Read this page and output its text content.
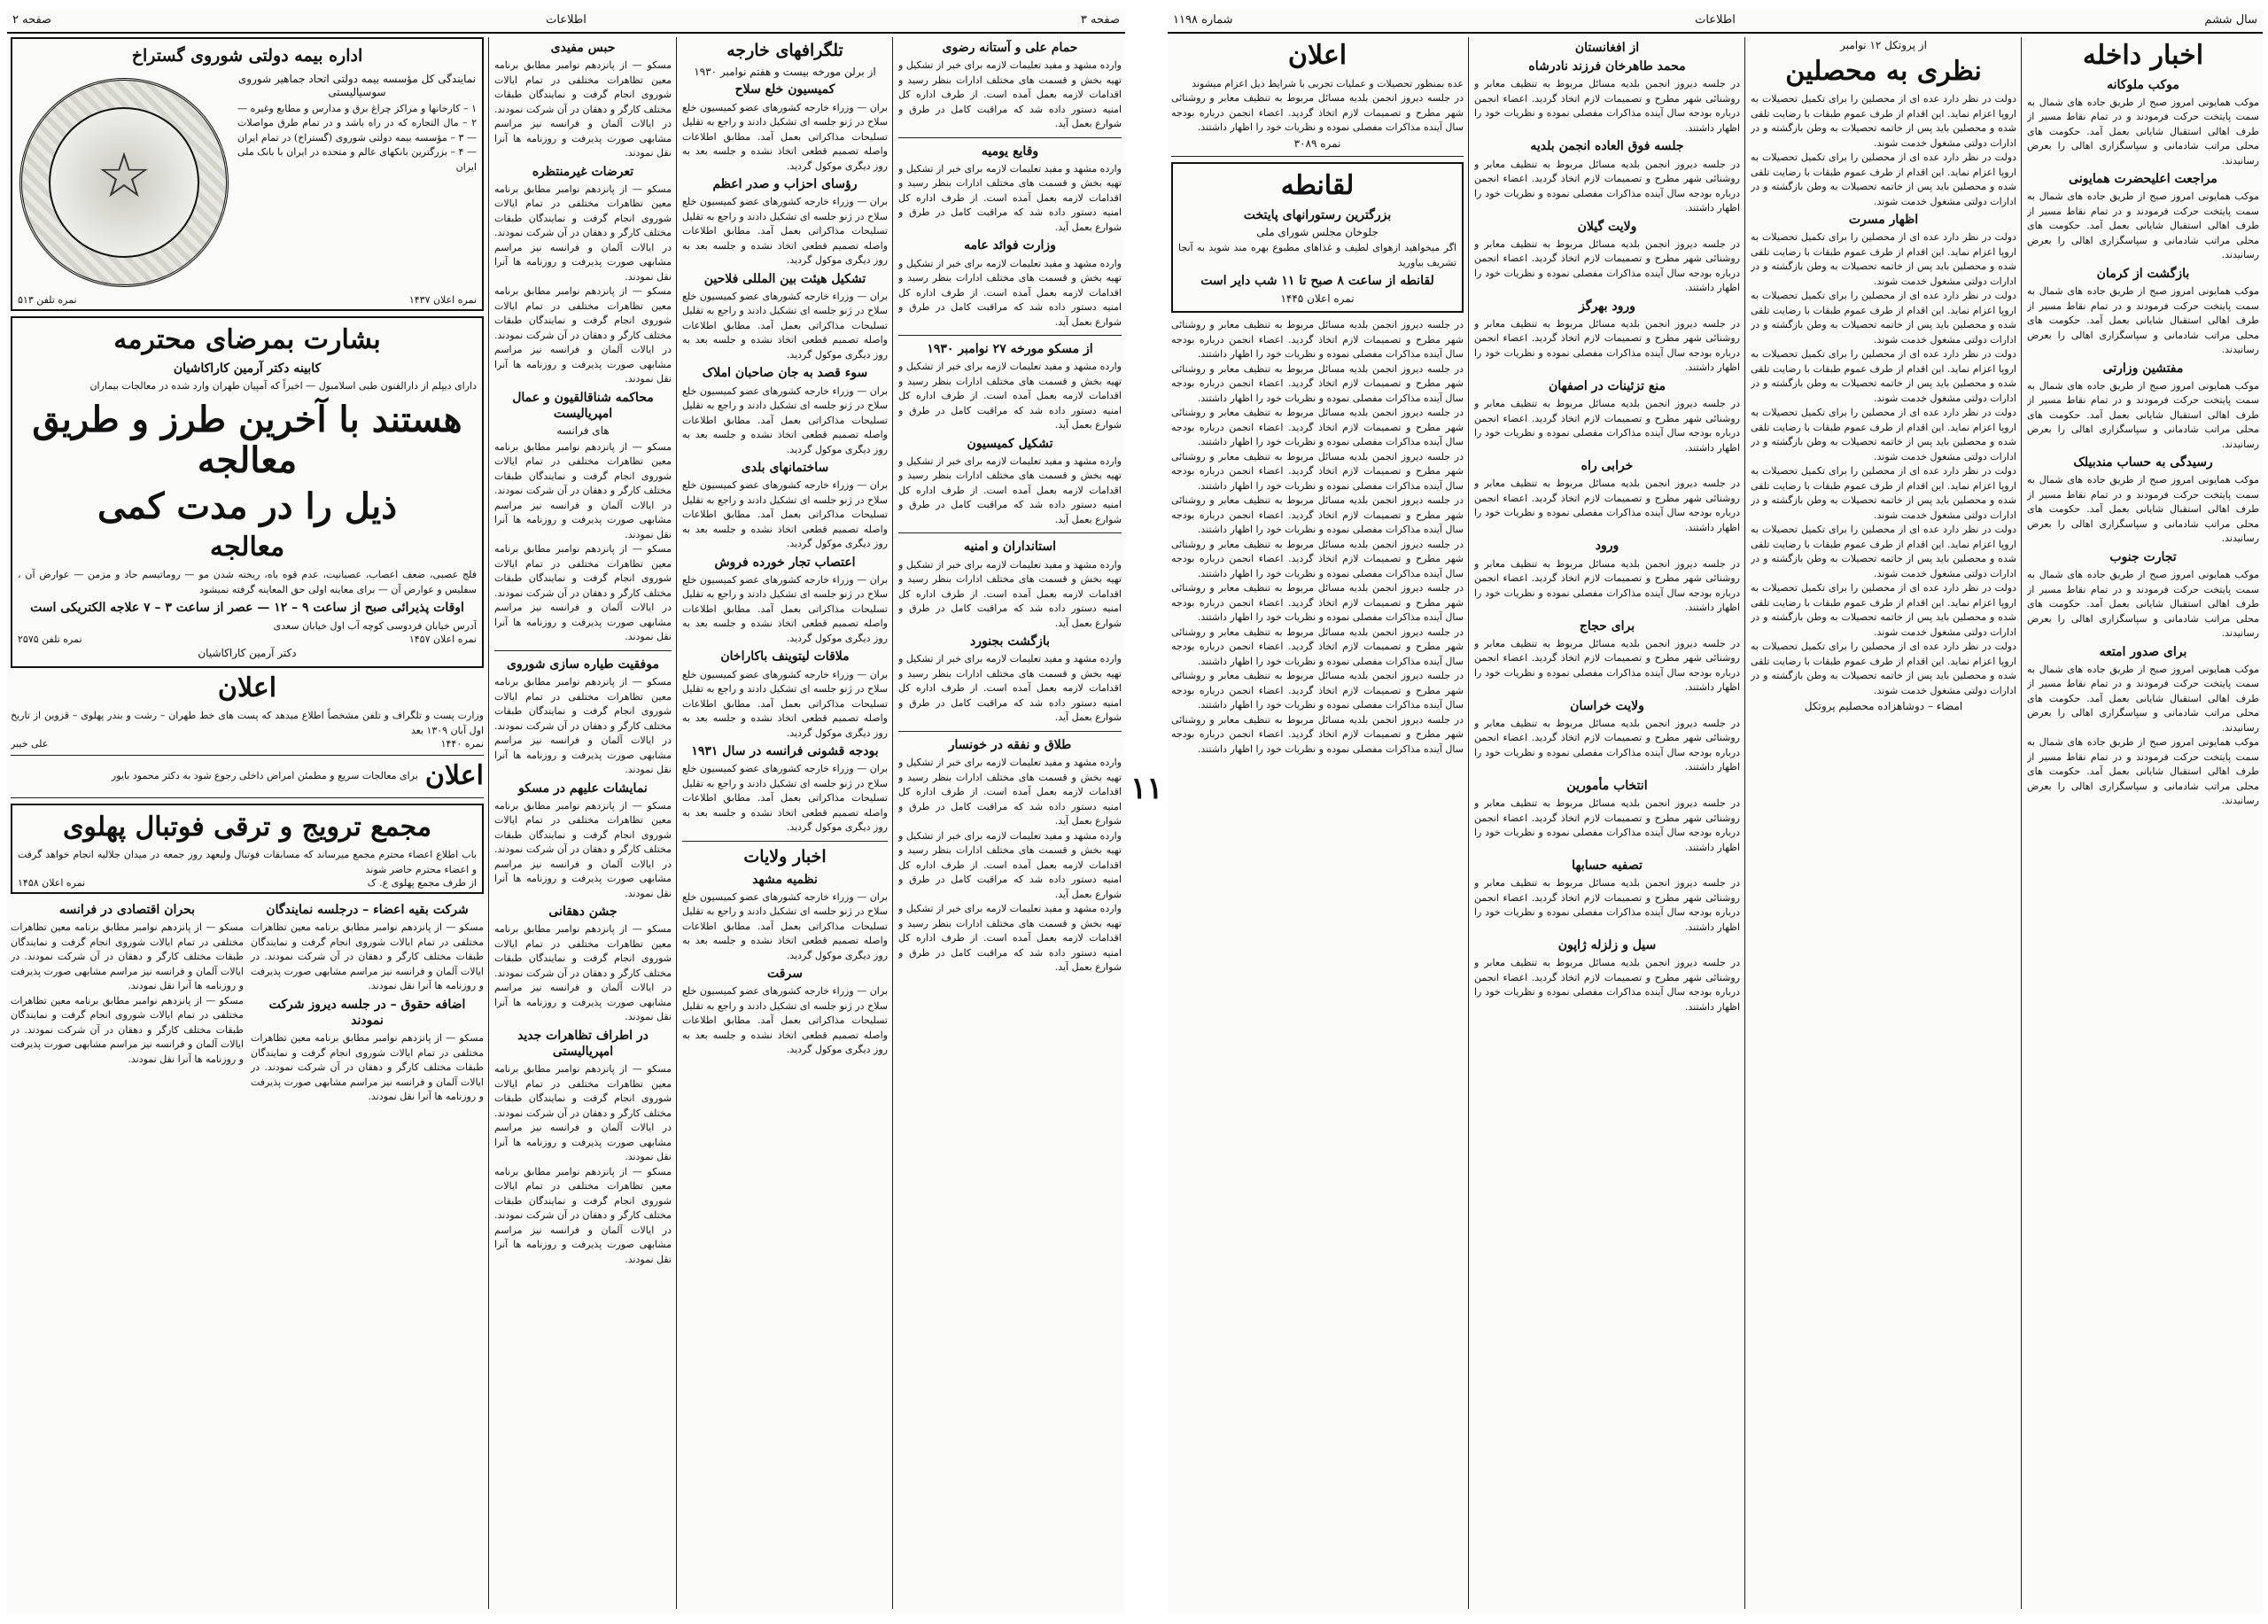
صفحه ۳
اطلاعات
صفحه ۲
حمام علی و آستانه رضوی

وارده مشهد و مفید تعلیمات لازمه برای خبر از تشکیل و تهیه بخش و قسمت های مختلف ادارات بنظر رسید و اقدامات لازمه بعمل آمده است. از طرف اداره کل امنیه دستور داده شد که مراقبت کامل در طرق و شوارع بعمل آید.

وقایع یومیه

وارده مشهد و مفید تعلیمات لازمه برای خبر از تشکیل و تهیه بخش و قسمت های مختلف ادارات بنظر رسید و اقدامات لازمه بعمل آمده است. از طرف اداره کل امنیه دستور داده شد که مراقبت کامل در طرق و شوارع بعمل آید.

وزارت فوائد عامه

وارده مشهد و مفید تعلیمات لازمه برای خبر از تشکیل و تهیه بخش و قسمت های مختلف ادارات بنظر رسید و اقدامات لازمه بعمل آمده است. از طرف اداره کل امنیه دستور داده شد که مراقبت کامل در طرق و شوارع بعمل آید.

از مسکو مورخه ۲۷ نوامبر ۱۹۳۰

وارده مشهد و مفید تعلیمات لازمه برای خبر از تشکیل و تهیه بخش و قسمت های مختلف ادارات بنظر رسید و اقدامات لازمه بعمل آمده است. از طرف اداره کل امنیه دستور داده شد که مراقبت کامل در طرق و شوارع بعمل آید.

تشکیل کمیسیون

وارده مشهد و مفید تعلیمات لازمه برای خبر از تشکیل و تهیه بخش و قسمت های مختلف ادارات بنظر رسید و اقدامات لازمه بعمل آمده است. از طرف اداره کل امنیه دستور داده شد که مراقبت کامل در طرق و شوارع بعمل آید.

استانداران و امنیه

وارده مشهد و مفید تعلیمات لازمه برای خبر از تشکیل و تهیه بخش و قسمت های مختلف ادارات بنظر رسید و اقدامات لازمه بعمل آمده است. از طرف اداره کل امنیه دستور داده شد که مراقبت کامل در طرق و شوارع بعمل آید.

بازگشت بجنورد

وارده مشهد و مفید تعلیمات لازمه برای خبر از تشکیل و تهیه بخش و قسمت های مختلف ادارات بنظر رسید و اقدامات لازمه بعمل آمده است. از طرف اداره کل امنیه دستور داده شد که مراقبت کامل در طرق و شوارع بعمل آید.

طلاق و نفقه در خونسار

وارده مشهد و مفید تعلیمات لازمه برای خبر از تشکیل و تهیه بخش و قسمت های مختلف ادارات بنظر رسید و اقدامات لازمه بعمل آمده است. از طرف اداره کل امنیه دستور داده شد که مراقبت کامل در طرق و شوارع بعمل آید.

وارده مشهد و مفید تعلیمات لازمه برای خبر از تشکیل و تهیه بخش و قسمت های مختلف ادارات بنظر رسید و اقدامات لازمه بعمل آمده است. از طرف اداره کل امنیه دستور داده شد که مراقبت کامل در طرق و شوارع بعمل آید.

وارده مشهد و مفید تعلیمات لازمه برای خبر از تشکیل و تهیه بخش و قسمت های مختلف ادارات بنظر رسید و اقدامات لازمه بعمل آمده است. از طرف اداره کل امنیه دستور داده شد که مراقبت کامل در طرق و شوارع بعمل آید.

تلگرافهای خارجه
از برلن مورخه بیست و هفتم نوامبر ۱۹۳۰
کمیسیون خلع سلاح

بران — وزراء خارجه کشورهای عضو کمیسیون خلع سلاح در ژنو جلسه ای تشکیل دادند و راجع به تقلیل تسلیحات مذاکراتی بعمل آمد. مطابق اطلاعات واصله تصمیم قطعی اتخاذ نشده و جلسه بعد به روز دیگری موکول گردید.

رؤسای احزاب و صدر اعظم

بران — وزراء خارجه کشورهای عضو کمیسیون خلع سلاح در ژنو جلسه ای تشکیل دادند و راجع به تقلیل تسلیحات مذاکراتی بعمل آمد. مطابق اطلاعات واصله تصمیم قطعی اتخاذ نشده و جلسه بعد به روز دیگری موکول گردید.

تشکیل هیئت بین المللی فلاحین

بران — وزراء خارجه کشورهای عضو کمیسیون خلع سلاح در ژنو جلسه ای تشکیل دادند و راجع به تقلیل تسلیحات مذاکراتی بعمل آمد. مطابق اطلاعات واصله تصمیم قطعی اتخاذ نشده و جلسه بعد به روز دیگری موکول گردید.

سوء قصد به جان صاحبان املاک

بران — وزراء خارجه کشورهای عضو کمیسیون خلع سلاح در ژنو جلسه ای تشکیل دادند و راجع به تقلیل تسلیحات مذاکراتی بعمل آمد. مطابق اطلاعات واصله تصمیم قطعی اتخاذ نشده و جلسه بعد به روز دیگری موکول گردید.

ساختمانهای بلدی

بران — وزراء خارجه کشورهای عضو کمیسیون خلع سلاح در ژنو جلسه ای تشکیل دادند و راجع به تقلیل تسلیحات مذاکراتی بعمل آمد. مطابق اطلاعات واصله تصمیم قطعی اتخاذ نشده و جلسه بعد به روز دیگری موکول گردید.

اعتصاب تجار خورده فروش

بران — وزراء خارجه کشورهای عضو کمیسیون خلع سلاح در ژنو جلسه ای تشکیل دادند و راجع به تقلیل تسلیحات مذاکراتی بعمل آمد. مطابق اطلاعات واصله تصمیم قطعی اتخاذ نشده و جلسه بعد به روز دیگری موکول گردید.

ملاقات لیتوینف باکاراخان

بران — وزراء خارجه کشورهای عضو کمیسیون خلع سلاح در ژنو جلسه ای تشکیل دادند و راجع به تقلیل تسلیحات مذاکراتی بعمل آمد. مطابق اطلاعات واصله تصمیم قطعی اتخاذ نشده و جلسه بعد به روز دیگری موکول گردید.

بودجه قشونی فرانسه در سال ۱۹۳۱

بران — وزراء خارجه کشورهای عضو کمیسیون خلع سلاح در ژنو جلسه ای تشکیل دادند و راجع به تقلیل تسلیحات مذاکراتی بعمل آمد. مطابق اطلاعات واصله تصمیم قطعی اتخاذ نشده و جلسه بعد به روز دیگری موکول گردید.

اخبار ولایات
نظمیه مشهد

بران — وزراء خارجه کشورهای عضو کمیسیون خلع سلاح در ژنو جلسه ای تشکیل دادند و راجع به تقلیل تسلیحات مذاکراتی بعمل آمد. مطابق اطلاعات واصله تصمیم قطعی اتخاذ نشده و جلسه بعد به روز دیگری موکول گردید.

سرقت

بران — وزراء خارجه کشورهای عضو کمیسیون خلع سلاح در ژنو جلسه ای تشکیل دادند و راجع به تقلیل تسلیحات مذاکراتی بعمل آمد. مطابق اطلاعات واصله تصمیم قطعی اتخاذ نشده و جلسه بعد به روز دیگری موکول گردید.

حبس مفیدی

مسکو — از پانزدهم نوامبر مطابق برنامه معین تظاهرات مختلفی در تمام ایالات شوروی انجام گرفت و نمایندگان طبقات مختلف کارگر و دهقان در آن شرکت نمودند. در ایالات آلمان و فرانسه نیز مراسم مشابهی صورت پذیرفت و روزنامه ها آنرا نقل نمودند.

تعرضات غیرمنتظره

مسکو — از پانزدهم نوامبر مطابق برنامه معین تظاهرات مختلفی در تمام ایالات شوروی انجام گرفت و نمایندگان طبقات مختلف کارگر و دهقان در آن شرکت نمودند. در ایالات آلمان و فرانسه نیز مراسم مشابهی صورت پذیرفت و روزنامه ها آنرا نقل نمودند.

مسکو — از پانزدهم نوامبر مطابق برنامه معین تظاهرات مختلفی در تمام ایالات شوروی انجام گرفت و نمایندگان طبقات مختلف کارگر و دهقان در آن شرکت نمودند. در ایالات آلمان و فرانسه نیز مراسم مشابهی صورت پذیرفت و روزنامه ها آنرا نقل نمودند.

محاکمه شناقالقیون و عمال امپریالیست
های فرانسه

مسکو — از پانزدهم نوامبر مطابق برنامه معین تظاهرات مختلفی در تمام ایالات شوروی انجام گرفت و نمایندگان طبقات مختلف کارگر و دهقان در آن شرکت نمودند. در ایالات آلمان و فرانسه نیز مراسم مشابهی صورت پذیرفت و روزنامه ها آنرا نقل نمودند.

مسکو — از پانزدهم نوامبر مطابق برنامه معین تظاهرات مختلفی در تمام ایالات شوروی انجام گرفت و نمایندگان طبقات مختلف کارگر و دهقان در آن شرکت نمودند. در ایالات آلمان و فرانسه نیز مراسم مشابهی صورت پذیرفت و روزنامه ها آنرا نقل نمودند.

موفقیت طیاره سازی شوروی

مسکو — از پانزدهم نوامبر مطابق برنامه معین تظاهرات مختلفی در تمام ایالات شوروی انجام گرفت و نمایندگان طبقات مختلف کارگر و دهقان در آن شرکت نمودند. در ایالات آلمان و فرانسه نیز مراسم مشابهی صورت پذیرفت و روزنامه ها آنرا نقل نمودند.

نمایشات علیهم در مسکو

مسکو — از پانزدهم نوامبر مطابق برنامه معین تظاهرات مختلفی در تمام ایالات شوروی انجام گرفت و نمایندگان طبقات مختلف کارگر و دهقان در آن شرکت نمودند. در ایالات آلمان و فرانسه نیز مراسم مشابهی صورت پذیرفت و روزنامه ها آنرا نقل نمودند.

جشن دهقانی

مسکو — از پانزدهم نوامبر مطابق برنامه معین تظاهرات مختلفی در تمام ایالات شوروی انجام گرفت و نمایندگان طبقات مختلف کارگر و دهقان در آن شرکت نمودند. در ایالات آلمان و فرانسه نیز مراسم مشابهی صورت پذیرفت و روزنامه ها آنرا نقل نمودند.

در اطراف تظاهرات جدید امپریالیستی

مسکو — از پانزدهم نوامبر مطابق برنامه معین تظاهرات مختلفی در تمام ایالات شوروی انجام گرفت و نمایندگان طبقات مختلف کارگر و دهقان در آن شرکت نمودند. در ایالات آلمان و فرانسه نیز مراسم مشابهی صورت پذیرفت و روزنامه ها آنرا نقل نمودند.

مسکو — از پانزدهم نوامبر مطابق برنامه معین تظاهرات مختلفی در تمام ایالات شوروی انجام گرفت و نمایندگان طبقات مختلف کارگر و دهقان در آن شرکت نمودند. در ایالات آلمان و فرانسه نیز مراسم مشابهی صورت پذیرفت و روزنامه ها آنرا نقل نمودند.

اداره بیمه دولتی شوروی گستراخ
نمایندگی کل مؤسسه بیمه دولتی اتحاد جماهیر شوروی سوسیالیستی

۱ – کارخانها و مراکز چراغ برق و مدارس و مطابع وغیره — ۲ – مال التجاره که در راه باشد و در تمام طرق مواصلات — ۳ – مؤسسه بیمه دولتی شوروی (گستراخ) در تمام ایران — ۴ – بزرگترین بانکهای عالم و متحده در ایران با بانک ملی ایران

☆
نمره اعلان ۱۴۳۷
نمره تلفن ۵۱۳
بشارت بمرضای محترمه
کابینه دکتر آرمین کاراکاشیان

دارای دیپلم از دارالفنون طبی اسلامبول — اخیراً که آمپیان طهران وارد شده در معالجات بیماران

هستند با آخرین طرز و طریق معالجه
ذیل را در مدت کمی
معالجه

فلج عصبی، ضعف اعصاب، عصبانیت، عدم قوه باه، ریخته شدن مو — روماتیسم حاد و مزمن — عوارض آن ، سفلیس و عوارض آن — برای معاینه اولی حق المعاینه گرفته نمیشود

اوقات پذیرائی صبح از ساعت ۹ – ۱۲ — عصر از ساعت ۳ – ۷ علاجه الکتریکی است

آدرس خیابان فردوسی کوچه آب اول خیابان سعدی

نمره اعلان ۱۴۵۷
نمره تلفن ۲۵۷۵
دکتر آرمین کاراکاشیان
اعلان

وزارت پست و تلگراف و تلفن مشخصاً اطلاع میدهد که پست های خط طهران – رشت و بندر پهلوی – قزوین از تاریخ اول آبان ۱۳۰۹ بعد

نمره ۱۴۴۰
علی خیبر
اعلان

برای معالجات سریع و مطمئن امراض داخلی رجوع شود به دکتر محمود بایور

مجمع ترویج و ترقی فوتبال پهلوی

باب اطلاع اعضاء محترم مجمع میرساند که مسابقات فوتبال ولیعهد روز جمعه در میدان جلالیه انجام خواهد گرفت و اعضاء محترم حاضر شوند

از طرف مجمع پهلوی ع. ک
نمره اعلان ۱۴۵۸
شرکت بقیه اعضاء – درجلسه نمایندگان

مسکو — از پانزدهم نوامبر مطابق برنامه معین تظاهرات مختلفی در تمام ایالات شوروی انجام گرفت و نمایندگان طبقات مختلف کارگر و دهقان در آن شرکت نمودند. در ایالات آلمان و فرانسه نیز مراسم مشابهی صورت پذیرفت و روزنامه ها آنرا نقل نمودند.

اضافه حقوق – در جلسه دیروز شرکت نمودند

مسکو — از پانزدهم نوامبر مطابق برنامه معین تظاهرات مختلفی در تمام ایالات شوروی انجام گرفت و نمایندگان طبقات مختلف کارگر و دهقان در آن شرکت نمودند. در ایالات آلمان و فرانسه نیز مراسم مشابهی صورت پذیرفت و روزنامه ها آنرا نقل نمودند.

بحران اقتصادی در فرانسه

مسکو — از پانزدهم نوامبر مطابق برنامه معین تظاهرات مختلفی در تمام ایالات شوروی انجام گرفت و نمایندگان طبقات مختلف کارگر و دهقان در آن شرکت نمودند. در ایالات آلمان و فرانسه نیز مراسم مشابهی صورت پذیرفت و روزنامه ها آنرا نقل نمودند.

مسکو — از پانزدهم نوامبر مطابق برنامه معین تظاهرات مختلفی در تمام ایالات شوروی انجام گرفت و نمایندگان طبقات مختلف کارگر و دهقان در آن شرکت نمودند. در ایالات آلمان و فرانسه نیز مراسم مشابهی صورت پذیرفت و روزنامه ها آنرا نقل نمودند.

۱۱
سال ششم
اطلاعات
شماره ۱۱۹۸
اخبار داخله
موکب ملوکانه

موکب همایونی امروز صبح از طریق جاده های شمال به سمت پایتخت حرکت فرمودند و در تمام نقاط مسیر از طرف اهالی استقبال شایانی بعمل آمد. حکومت های محلی مراتب شادمانی و سپاسگزاری اهالی را بعرض رسانیدند.

مراجعت اعلیحضرت همایونی

موکب همایونی امروز صبح از طریق جاده های شمال به سمت پایتخت حرکت فرمودند و در تمام نقاط مسیر از طرف اهالی استقبال شایانی بعمل آمد. حکومت های محلی مراتب شادمانی و سپاسگزاری اهالی را بعرض رسانیدند.

بازگشت از کرمان

موکب همایونی امروز صبح از طریق جاده های شمال به سمت پایتخت حرکت فرمودند و در تمام نقاط مسیر از طرف اهالی استقبال شایانی بعمل آمد. حکومت های محلی مراتب شادمانی و سپاسگزاری اهالی را بعرض رسانیدند.

مفتشین وزارتی

موکب همایونی امروز صبح از طریق جاده های شمال به سمت پایتخت حرکت فرمودند و در تمام نقاط مسیر از طرف اهالی استقبال شایانی بعمل آمد. حکومت های محلی مراتب شادمانی و سپاسگزاری اهالی را بعرض رسانیدند.

رسیدگی به حساب مندبیلک

موکب همایونی امروز صبح از طریق جاده های شمال به سمت پایتخت حرکت فرمودند و در تمام نقاط مسیر از طرف اهالی استقبال شایانی بعمل آمد. حکومت های محلی مراتب شادمانی و سپاسگزاری اهالی را بعرض رسانیدند.

تجارت جنوب

موکب همایونی امروز صبح از طریق جاده های شمال به سمت پایتخت حرکت فرمودند و در تمام نقاط مسیر از طرف اهالی استقبال شایانی بعمل آمد. حکومت های محلی مراتب شادمانی و سپاسگزاری اهالی را بعرض رسانیدند.

برای صدور امتعه

موکب همایونی امروز صبح از طریق جاده های شمال به سمت پایتخت حرکت فرمودند و در تمام نقاط مسیر از طرف اهالی استقبال شایانی بعمل آمد. حکومت های محلی مراتب شادمانی و سپاسگزاری اهالی را بعرض رسانیدند.

موکب همایونی امروز صبح از طریق جاده های شمال به سمت پایتخت حرکت فرمودند و در تمام نقاط مسیر از طرف اهالی استقبال شایانی بعمل آمد. حکومت های محلی مراتب شادمانی و سپاسگزاری اهالی را بعرض رسانیدند.

از پروتکل ۱۲ نوامبر
نظری به محصلین

دولت در نظر دارد عده ای از محصلین را برای تکمیل تحصیلات به اروپا اعزام نماید. این اقدام از طرف عموم طبقات با رضایت تلقی شده و محصلین باید پس از خاتمه تحصیلات به وطن بازگشته و در ادارات دولتی مشغول خدمت شوند.

دولت در نظر دارد عده ای از محصلین را برای تکمیل تحصیلات به اروپا اعزام نماید. این اقدام از طرف عموم طبقات با رضایت تلقی شده و محصلین باید پس از خاتمه تحصیلات به وطن بازگشته و در ادارات دولتی مشغول خدمت شوند.

اظهار مسرت

دولت در نظر دارد عده ای از محصلین را برای تکمیل تحصیلات به اروپا اعزام نماید. این اقدام از طرف عموم طبقات با رضایت تلقی شده و محصلین باید پس از خاتمه تحصیلات به وطن بازگشته و در ادارات دولتی مشغول خدمت شوند.

دولت در نظر دارد عده ای از محصلین را برای تکمیل تحصیلات به اروپا اعزام نماید. این اقدام از طرف عموم طبقات با رضایت تلقی شده و محصلین باید پس از خاتمه تحصیلات به وطن بازگشته و در ادارات دولتی مشغول خدمت شوند.

دولت در نظر دارد عده ای از محصلین را برای تکمیل تحصیلات به اروپا اعزام نماید. این اقدام از طرف عموم طبقات با رضایت تلقی شده و محصلین باید پس از خاتمه تحصیلات به وطن بازگشته و در ادارات دولتی مشغول خدمت شوند.

دولت در نظر دارد عده ای از محصلین را برای تکمیل تحصیلات به اروپا اعزام نماید. این اقدام از طرف عموم طبقات با رضایت تلقی شده و محصلین باید پس از خاتمه تحصیلات به وطن بازگشته و در ادارات دولتی مشغول خدمت شوند.

دولت در نظر دارد عده ای از محصلین را برای تکمیل تحصیلات به اروپا اعزام نماید. این اقدام از طرف عموم طبقات با رضایت تلقی شده و محصلین باید پس از خاتمه تحصیلات به وطن بازگشته و در ادارات دولتی مشغول خدمت شوند.

دولت در نظر دارد عده ای از محصلین را برای تکمیل تحصیلات به اروپا اعزام نماید. این اقدام از طرف عموم طبقات با رضایت تلقی شده و محصلین باید پس از خاتمه تحصیلات به وطن بازگشته و در ادارات دولتی مشغول خدمت شوند.

دولت در نظر دارد عده ای از محصلین را برای تکمیل تحصیلات به اروپا اعزام نماید. این اقدام از طرف عموم طبقات با رضایت تلقی شده و محصلین باید پس از خاتمه تحصیلات به وطن بازگشته و در ادارات دولتی مشغول خدمت شوند.

دولت در نظر دارد عده ای از محصلین را برای تکمیل تحصیلات به اروپا اعزام نماید. این اقدام از طرف عموم طبقات با رضایت تلقی شده و محصلین باید پس از خاتمه تحصیلات به وطن بازگشته و در ادارات دولتی مشغول خدمت شوند.

امضاء – دوشاهزاده محصلیم پروتکل
از افغانستان
محمد طاهرخان فرزند نادرشاه

در جلسه دیروز انجمن بلدیه مسائل مربوط به تنظیف معابر و روشنائی شهر مطرح و تصمیمات لازم اتخاذ گردید. اعضاء انجمن درباره بودجه سال آینده مذاکرات مفصلی نموده و نظریات خود را اظهار داشتند.

جلسه فوق العاده انجمن بلدیه

در جلسه دیروز انجمن بلدیه مسائل مربوط به تنظیف معابر و روشنائی شهر مطرح و تصمیمات لازم اتخاذ گردید. اعضاء انجمن درباره بودجه سال آینده مذاکرات مفصلی نموده و نظریات خود را اظهار داشتند.

ولایت گیلان

در جلسه دیروز انجمن بلدیه مسائل مربوط به تنظیف معابر و روشنائی شهر مطرح و تصمیمات لازم اتخاذ گردید. اعضاء انجمن درباره بودجه سال آینده مذاکرات مفصلی نموده و نظریات خود را اظهار داشتند.

ورود بهرگز

در جلسه دیروز انجمن بلدیه مسائل مربوط به تنظیف معابر و روشنائی شهر مطرح و تصمیمات لازم اتخاذ گردید. اعضاء انجمن درباره بودجه سال آینده مذاکرات مفصلی نموده و نظریات خود را اظهار داشتند.

منع تزئینات در اصفهان

در جلسه دیروز انجمن بلدیه مسائل مربوط به تنظیف معابر و روشنائی شهر مطرح و تصمیمات لازم اتخاذ گردید. اعضاء انجمن درباره بودجه سال آینده مذاکرات مفصلی نموده و نظریات خود را اظهار داشتند.

خرابی راه

در جلسه دیروز انجمن بلدیه مسائل مربوط به تنظیف معابر و روشنائی شهر مطرح و تصمیمات لازم اتخاذ گردید. اعضاء انجمن درباره بودجه سال آینده مذاکرات مفصلی نموده و نظریات خود را اظهار داشتند.

ورود

در جلسه دیروز انجمن بلدیه مسائل مربوط به تنظیف معابر و روشنائی شهر مطرح و تصمیمات لازم اتخاذ گردید. اعضاء انجمن درباره بودجه سال آینده مذاکرات مفصلی نموده و نظریات خود را اظهار داشتند.

برای حجاج

در جلسه دیروز انجمن بلدیه مسائل مربوط به تنظیف معابر و روشنائی شهر مطرح و تصمیمات لازم اتخاذ گردید. اعضاء انجمن درباره بودجه سال آینده مذاکرات مفصلی نموده و نظریات خود را اظهار داشتند.

ولایت خراسان

در جلسه دیروز انجمن بلدیه مسائل مربوط به تنظیف معابر و روشنائی شهر مطرح و تصمیمات لازم اتخاذ گردید. اعضاء انجمن درباره بودجه سال آینده مذاکرات مفصلی نموده و نظریات خود را اظهار داشتند.

انتخاب مأمورین

در جلسه دیروز انجمن بلدیه مسائل مربوط به تنظیف معابر و روشنائی شهر مطرح و تصمیمات لازم اتخاذ گردید. اعضاء انجمن درباره بودجه سال آینده مذاکرات مفصلی نموده و نظریات خود را اظهار داشتند.

تصفیه حسابها

در جلسه دیروز انجمن بلدیه مسائل مربوط به تنظیف معابر و روشنائی شهر مطرح و تصمیمات لازم اتخاذ گردید. اعضاء انجمن درباره بودجه سال آینده مذاکرات مفصلی نموده و نظریات خود را اظهار داشتند.

سیل و زلزله ژاپون

در جلسه دیروز انجمن بلدیه مسائل مربوط به تنظیف معابر و روشنائی شهر مطرح و تصمیمات لازم اتخاذ گردید. اعضاء انجمن درباره بودجه سال آینده مذاکرات مفصلی نموده و نظریات خود را اظهار داشتند.

اعلان

عده بمنظور تحصیلات و عملیات تجربی با شرایط ذیل اعزام میشوند

در جلسه دیروز انجمن بلدیه مسائل مربوط به تنظیف معابر و روشنائی شهر مطرح و تصمیمات لازم اتخاذ گردید. اعضاء انجمن درباره بودجه سال آینده مذاکرات مفصلی نموده و نظریات خود را اظهار داشتند.

نمره ۳۰۸۹
لقانطه
بزرگترین رستورانهای پایتخت
جلوخان مجلس شورای ملی

اگر میخواهید ازهوای لطیف و غذاهای مطبوع بهره مند شوید به آنجا تشریف بیاورید

لقانطه از ساعت ۸ صبح تا ۱۱ شب دایر است
نمره اعلان ۱۴۴۵

در جلسه دیروز انجمن بلدیه مسائل مربوط به تنظیف معابر و روشنائی شهر مطرح و تصمیمات لازم اتخاذ گردید. اعضاء انجمن درباره بودجه سال آینده مذاکرات مفصلی نموده و نظریات خود را اظهار داشتند.

در جلسه دیروز انجمن بلدیه مسائل مربوط به تنظیف معابر و روشنائی شهر مطرح و تصمیمات لازم اتخاذ گردید. اعضاء انجمن درباره بودجه سال آینده مذاکرات مفصلی نموده و نظریات خود را اظهار داشتند.

در جلسه دیروز انجمن بلدیه مسائل مربوط به تنظیف معابر و روشنائی شهر مطرح و تصمیمات لازم اتخاذ گردید. اعضاء انجمن درباره بودجه سال آینده مذاکرات مفصلی نموده و نظریات خود را اظهار داشتند.

در جلسه دیروز انجمن بلدیه مسائل مربوط به تنظیف معابر و روشنائی شهر مطرح و تصمیمات لازم اتخاذ گردید. اعضاء انجمن درباره بودجه سال آینده مذاکرات مفصلی نموده و نظریات خود را اظهار داشتند.

در جلسه دیروز انجمن بلدیه مسائل مربوط به تنظیف معابر و روشنائی شهر مطرح و تصمیمات لازم اتخاذ گردید. اعضاء انجمن درباره بودجه سال آینده مذاکرات مفصلی نموده و نظریات خود را اظهار داشتند.

در جلسه دیروز انجمن بلدیه مسائل مربوط به تنظیف معابر و روشنائی شهر مطرح و تصمیمات لازم اتخاذ گردید. اعضاء انجمن درباره بودجه سال آینده مذاکرات مفصلی نموده و نظریات خود را اظهار داشتند.

در جلسه دیروز انجمن بلدیه مسائل مربوط به تنظیف معابر و روشنائی شهر مطرح و تصمیمات لازم اتخاذ گردید. اعضاء انجمن درباره بودجه سال آینده مذاکرات مفصلی نموده و نظریات خود را اظهار داشتند.

در جلسه دیروز انجمن بلدیه مسائل مربوط به تنظیف معابر و روشنائی شهر مطرح و تصمیمات لازم اتخاذ گردید. اعضاء انجمن درباره بودجه سال آینده مذاکرات مفصلی نموده و نظریات خود را اظهار داشتند.

در جلسه دیروز انجمن بلدیه مسائل مربوط به تنظیف معابر و روشنائی شهر مطرح و تصمیمات لازم اتخاذ گردید. اعضاء انجمن درباره بودجه سال آینده مذاکرات مفصلی نموده و نظریات خود را اظهار داشتند.

در جلسه دیروز انجمن بلدیه مسائل مربوط به تنظیف معابر و روشنائی شهر مطرح و تصمیمات لازم اتخاذ گردید. اعضاء انجمن درباره بودجه سال آینده مذاکرات مفصلی نموده و نظریات خود را اظهار داشتند.
